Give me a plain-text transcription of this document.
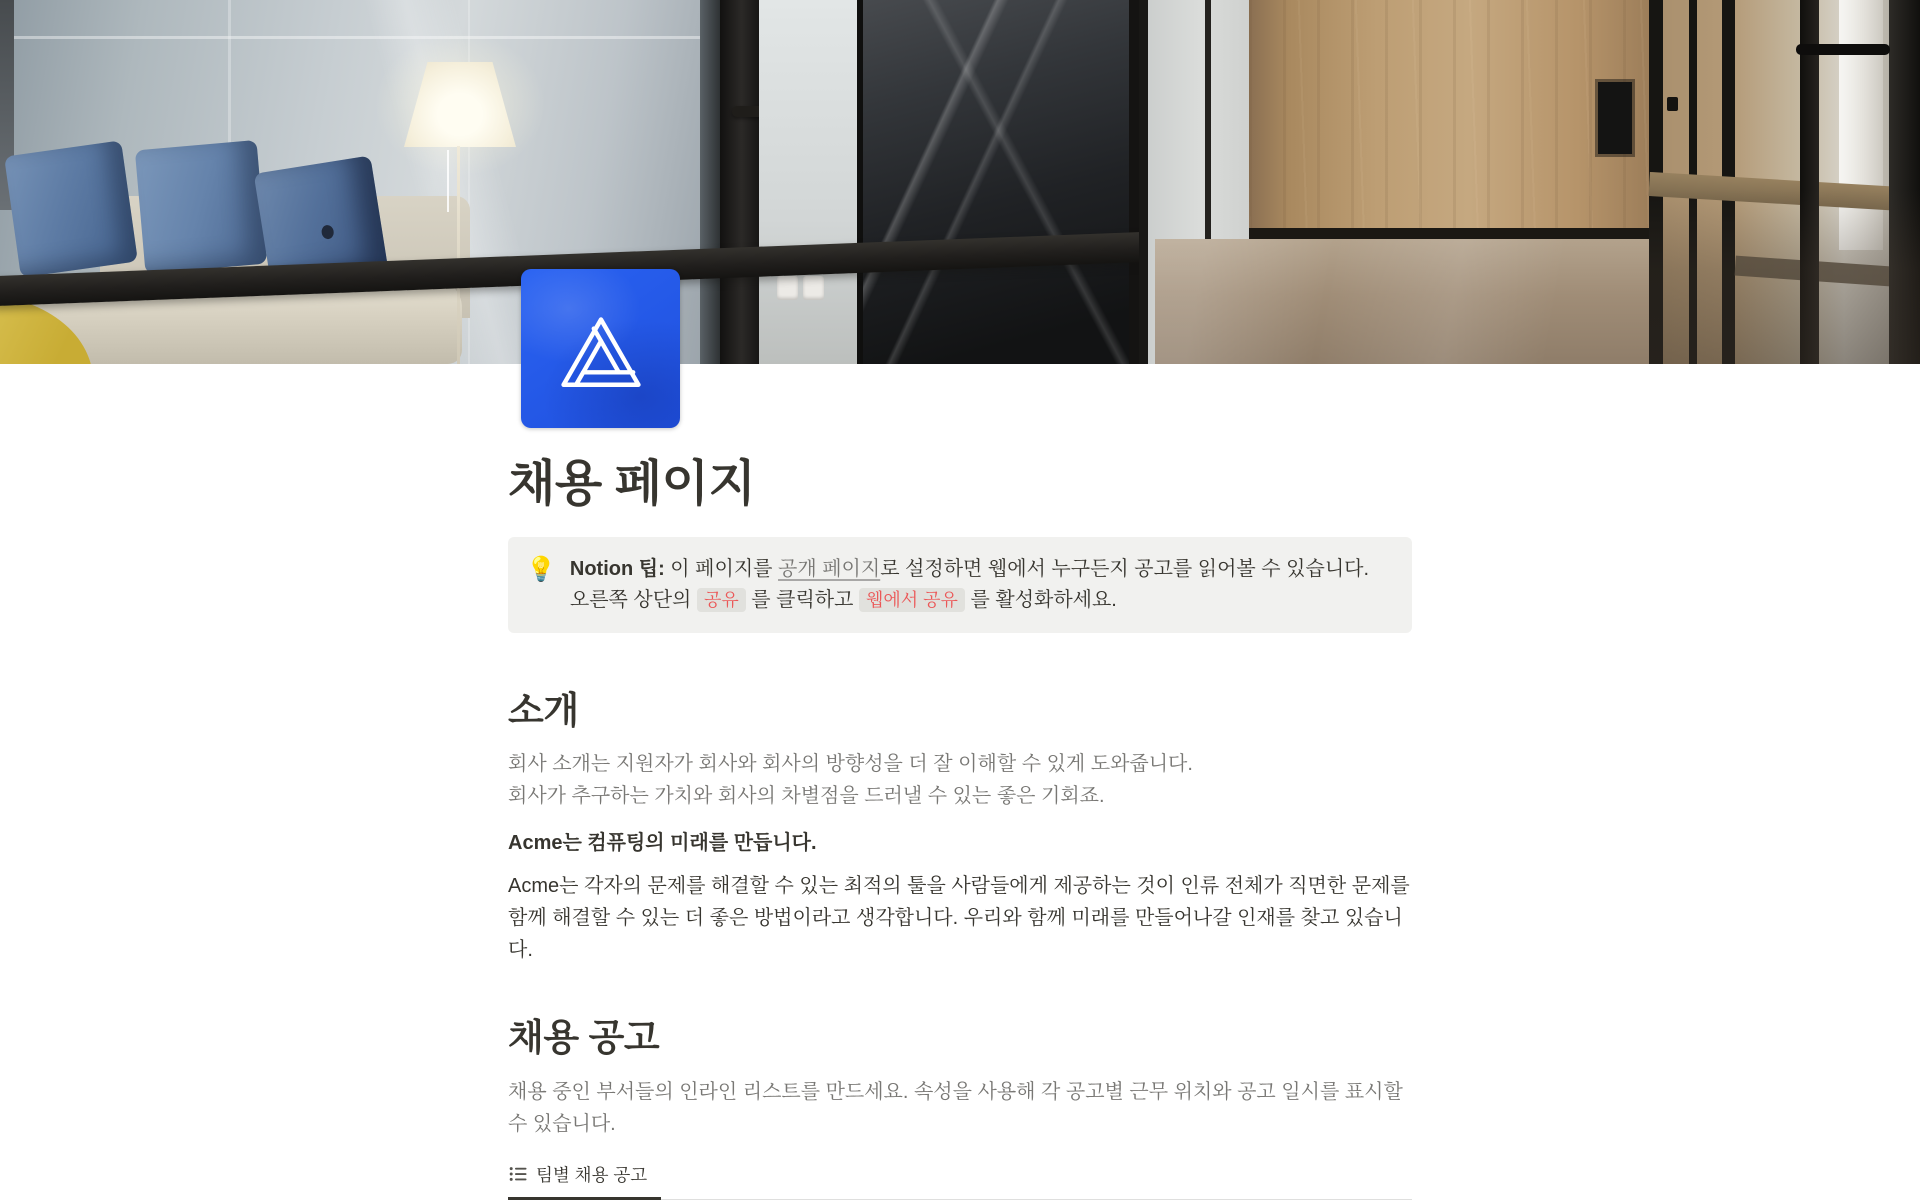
채용 페이지
💡 Notion 팁: 이 페이지를 공개 페이지로 설정하면 웹에서 누구든지 공고를 읽어볼 수 있습니다. 오른쪽 상단의 공유 를 클릭하고 웹에서 공유 를 활성화하세요.
소개
회사 소개는 지원자가 회사와 회사의 방향성을 더 잘 이해할 수 있게 도와줍니다.
회사가 추구하는 가치와 회사의 차별점을 드러낼 수 있는 좋은 기회죠.
Acme는 컴퓨팅의 미래를 만듭니다.

Acme는 각자의 문제를 해결할 수 있는 최적의 툴을 사람들에게 제공하는 것이 인류 전체가 직면한 문제를 함께 해결할 수 있는 더 좋은 방법이라고 생각합니다. 우리와 함께 미래를 만들어나갈 인재를 찾고 있습니다.

채용 공고

채용 중인 부서들의 인라인 리스트를 만드세요. 속성을 사용해 각 공고별 근무 위치와 공고 일시를 표시할 수 있습니다.

팀별 채용 공고
